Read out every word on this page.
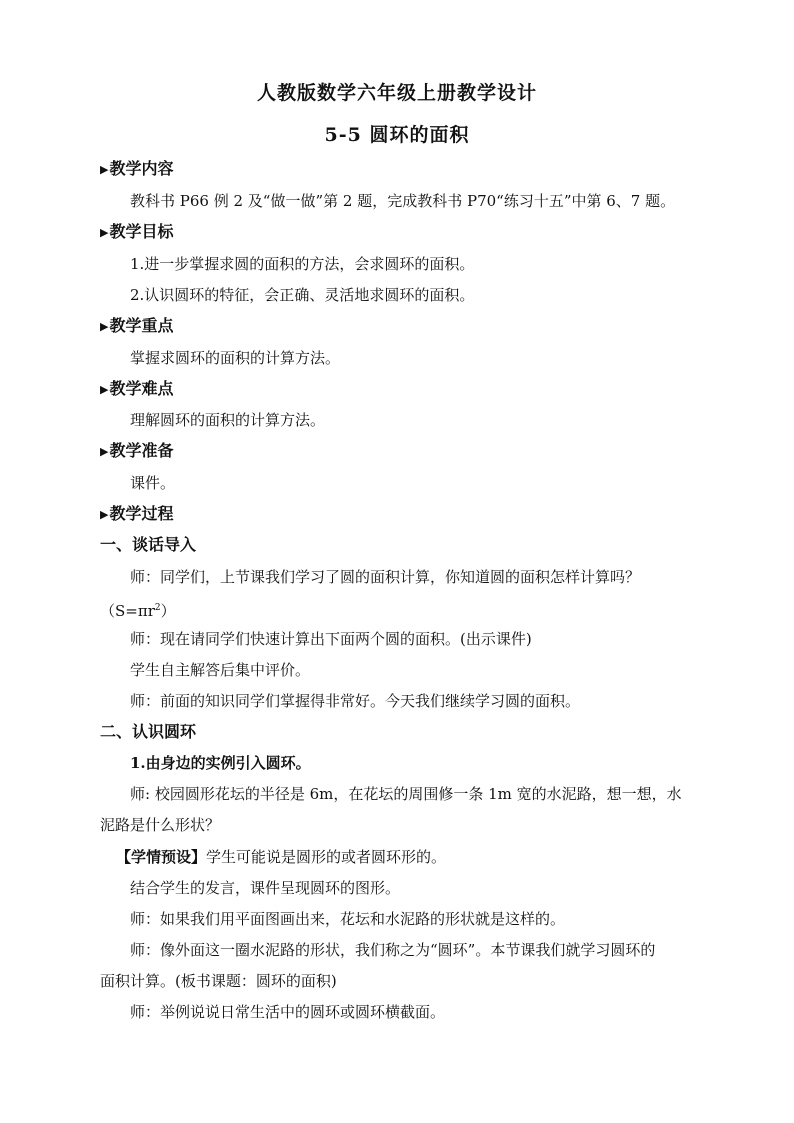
人教版数学六年级上册教学设计
5-5 圆环的面积
▶教学内容
教科书 P66 例 2 及“做一做”第 2 题，完成教科书 P70“练习十五”中第 6、7 题。
▶教学目标
1.进一步掌握求圆的面积的方法，会求圆环的面积。
2.认识圆环的特征，会正确、灵活地求圆环的面积。
▶教学重点
掌握求圆环的面积的计算方法。
▶教学难点
理解圆环的面积的计算方法。
▶教学准备
课件。
▶教学过程
一、谈话导入
师：同学们，上节课我们学习了圆的面积计算，你知道圆的面积怎样计算吗？
$(S=\pi r^2)$
师：现在请同学们快速计算出下面两个圆的面积。(出示课件)
学生自主解答后集中评价。
师：前面的知识同学们掌握得非常好。今天我们继续学习圆的面积。
二、认识圆环
1.由身边的实例引入圆环。
师: 校园圆形花坛的半径是 6m，在花坛的周围修一条 1m 宽的水泥路，想一想，水
泥路是什么形状？
【学情预设】学生可能说是圆形的或者圆环形的。
结合学生的发言，课件呈现圆环的图形。
师：如果我们用平面图画出来，花坛和水泥路的形状就是这样的。
师：像外面这一圈水泥路的形状，我们称之为“圆环”。本节课我们就学习圆环的
面积计算。(板书课题：圆环的面积)
师：举例说说日常生活中的圆环或圆环横截面。
